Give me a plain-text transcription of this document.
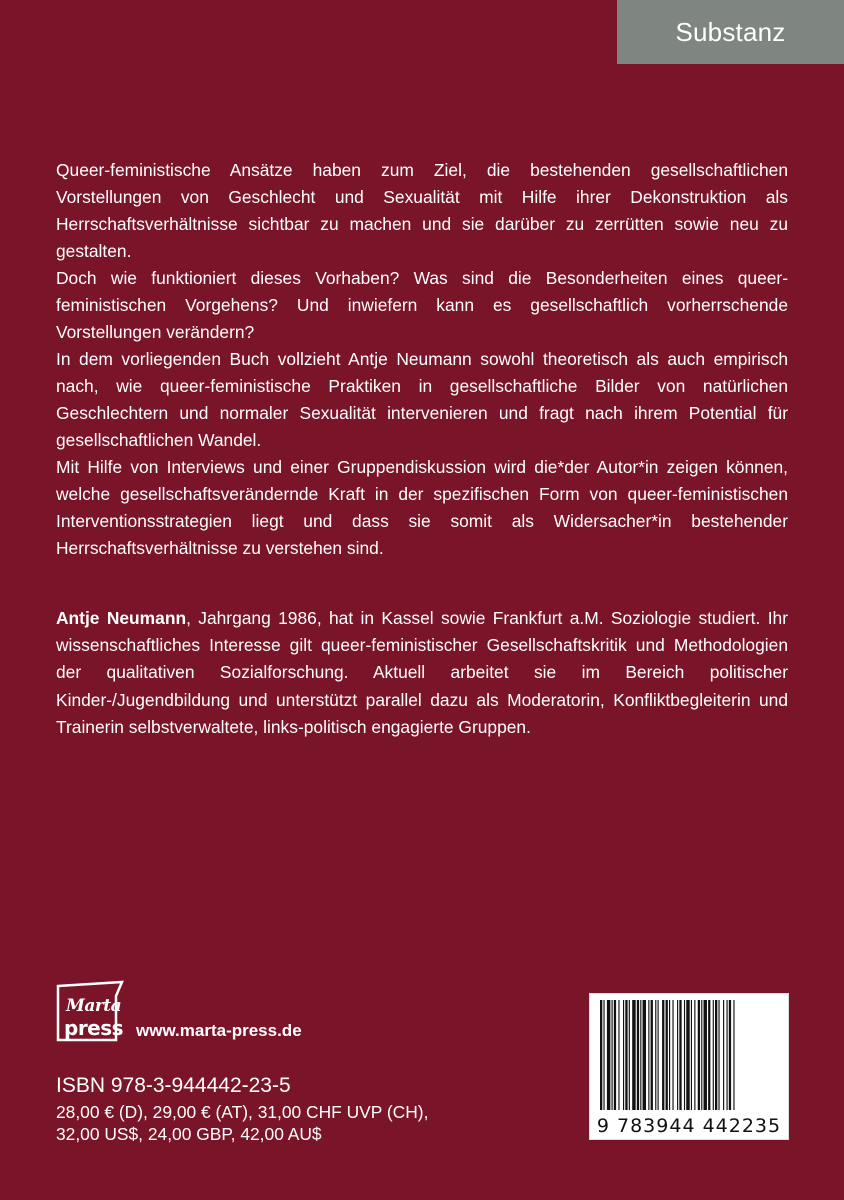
Substanz

Queer-feministische Ansätze haben zum Ziel, die bestehenden gesellschaftlichen Vorstellungen von Geschlecht und Sexualität mit Hilfe ihrer Dekonstruktion als Herrschaftsverhältnisse sichtbar zu machen und sie darüber zu zerrütten sowie neu zu gestalten.

Doch wie funktioniert dieses Vorhaben? Was sind die Besonderheiten eines queer-feministischen Vorgehens? Und inwiefern kann es gesellschaftlich vorherrschende Vorstellungen verändern?

In dem vorliegenden Buch vollzieht Antje Neumann sowohl theoretisch als auch empirisch nach, wie queer-feministische Praktiken in gesellschaftliche Bilder von natürlichen Geschlechtern und normaler Sexualität intervenieren und fragt nach ihrem Potential für gesellschaftlichen Wandel.

Mit Hilfe von Interviews und einer Gruppendiskussion wird die*der Autor*in zeigen können, welche gesellschaftsverändernde Kraft in der spezifischen Form von queer-feministischen Interventionsstrategien liegt und dass sie somit als Widersacher*in bestehender Herrschaftsverhältnisse zu verstehen sind.

Antje Neumann, Jahrgang 1986, hat in Kassel sowie Frankfurt a.M. Soziologie studiert. Ihr wissenschaftliches Interesse gilt queer-feministischer Gesellschaftskritik und Methodologien der qualitativen Sozialforschung. Aktuell arbeitet sie im Bereich politischer Kinder-/Jugendbildung und unterstützt parallel dazu als Moderatorin, Konfliktbegleiterin und Trainerin selbstverwaltete, links-politisch engagierte Gruppen.

Marta
press www.marta-press.de
ISBN 978-3-944442-23-5
28,00 € (D), 29,00 € (AT), 31,00 CHF UVP (CH),
32,00 US$, 24,00 GBP, 42,00 AU$	9 783944 442235
